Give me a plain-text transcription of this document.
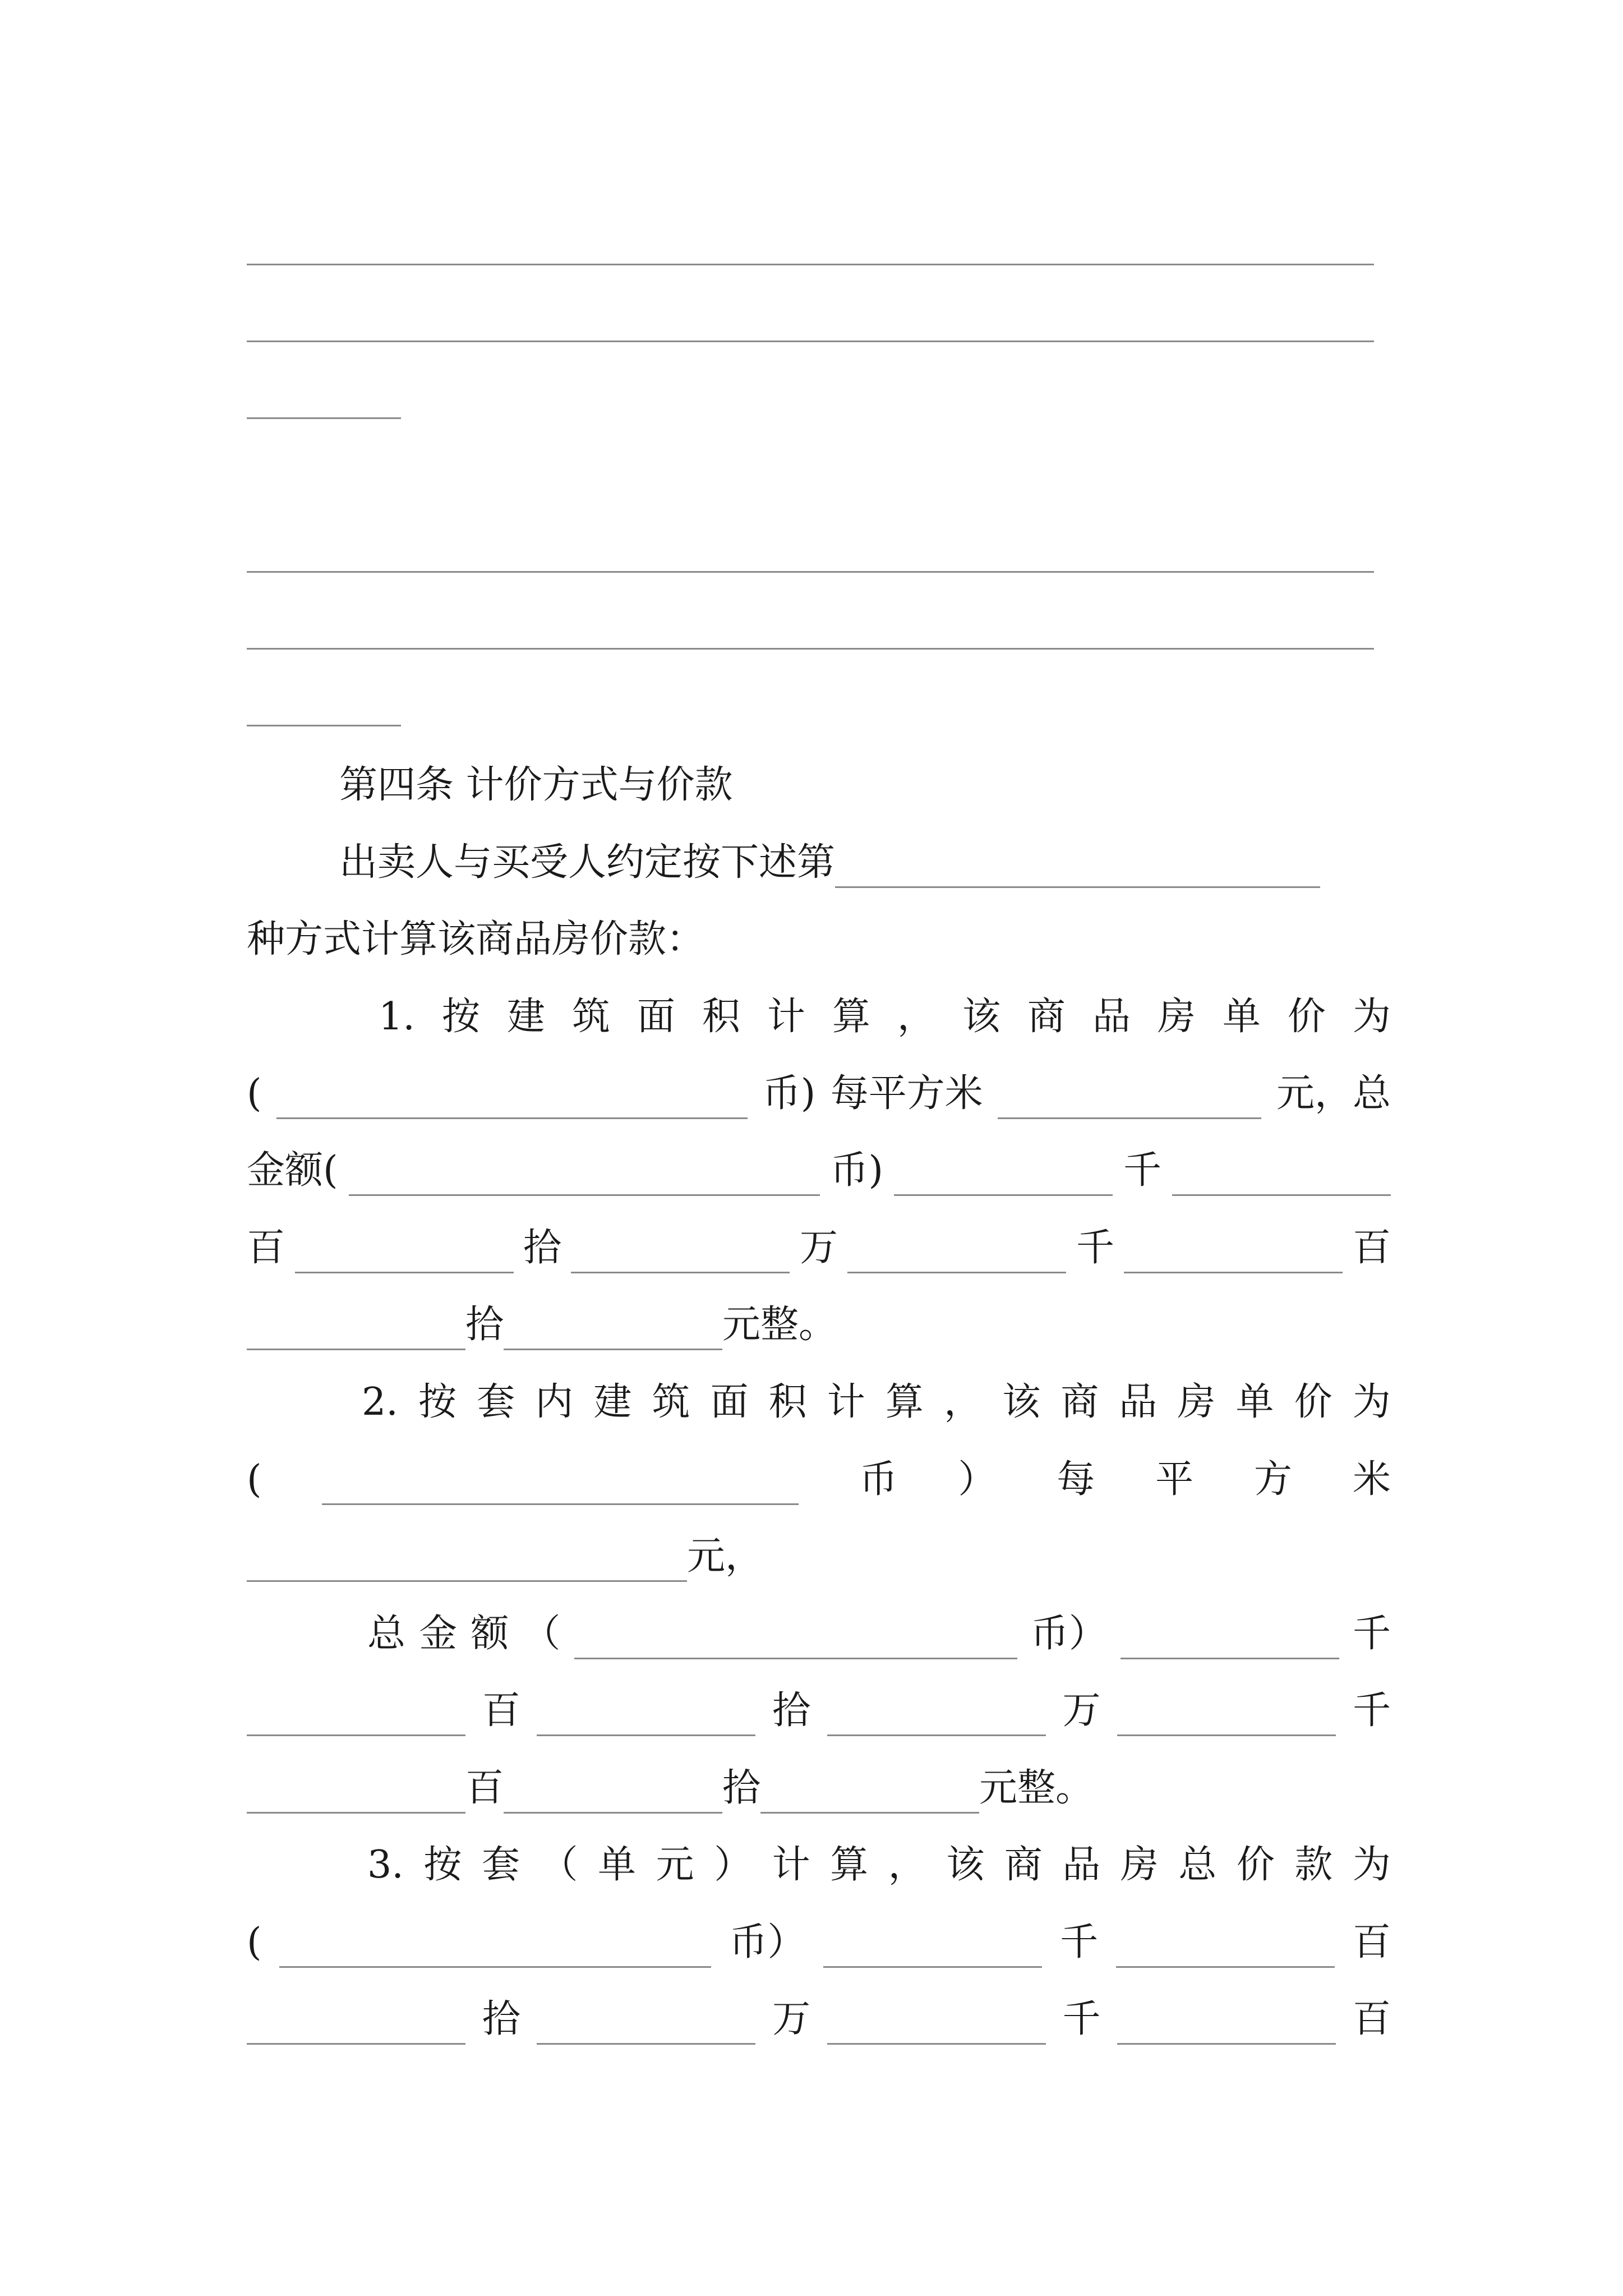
第四条 计价方式与价款
出卖人与买受人约定按下述第
种方式计算该商品房价款：
1. 按 建 筑 面 积 计 算 ， 该 商 品 房 单 价 为
(	币) 每平方米	元，总
金额(	币)	千
百	拾	万	千	百
拾	元整。
2. 按 套 内 建 筑 面 积 计 算 ， 该 商 品 房 单 价 为
(	币 ） 每 平 方 米
元，
总 金 额 （	币）	千
百	拾	万	千
百	拾	元整。
3. 按 套 （ 单 元 ） 计 算 ， 该 商 品 房 总 价 款 为
(	币）	千	百
拾	万	千	百
